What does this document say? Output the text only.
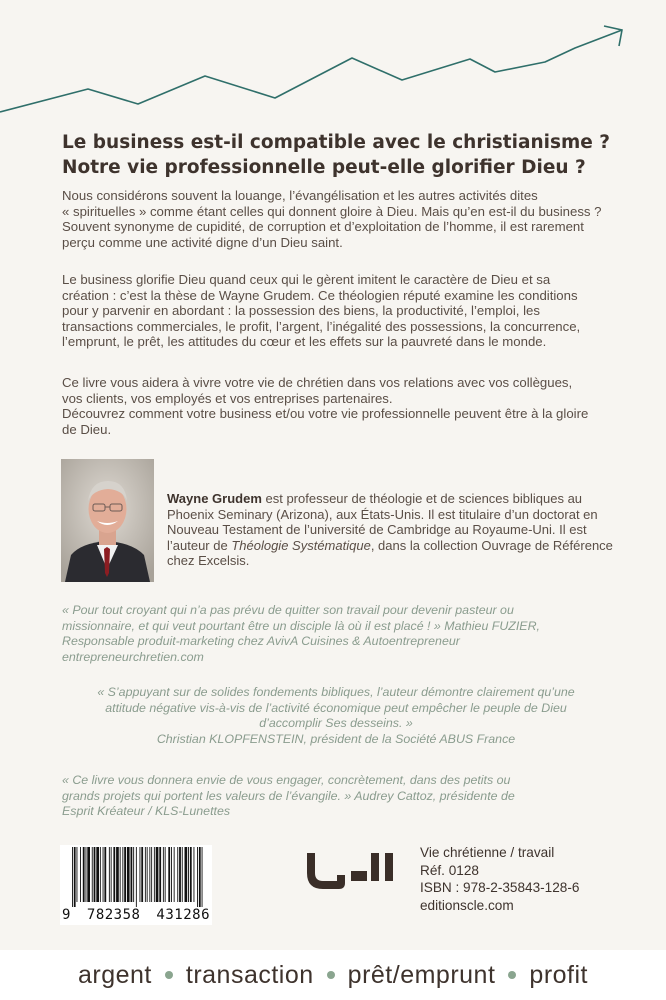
Le business est-il compatible avec le christianisme ?
Notre vie professionnelle peut-elle glorifier Dieu ?

Nous considérons souvent la louange, l’évangélisation et les autres activités dites
« spirituelles » comme étant celles qui donnent gloire à Dieu. Mais qu’en est-il du business ?
Souvent synonyme de cupidité, de corruption et d’exploitation de l’homme, il est rarement
perçu comme une activité digne d’un Dieu saint.

Le business glorifie Dieu quand ceux qui le gèrent imitent le caractère de Dieu et sa
création : c’est la thèse de Wayne Grudem. Ce théologien réputé examine les conditions
pour y parvenir en abordant : la possession des biens, la productivité, l’emploi, les
transactions commerciales, le profit, l’argent, l’inégalité des possessions, la concurrence,
l’emprunt, le prêt, les attitudes du cœur et les effets sur la pauvreté dans le monde.

Ce livre vous aidera à vivre votre vie de chrétien dans vos relations avec vos collègues,
vos clients, vos employés et vos entreprises partenaires.
Découvrez comment votre business et/ou votre vie professionnelle peuvent être à la gloire
de Dieu.

Wayne Grudem est professeur de théologie et de sciences bibliques au Phoenix Seminary (Arizona), aux États-Unis. Il est titulaire d’un doctorat en Nouveau Testament de l’université de Cambridge au Royaume-Uni. Il est l’auteur de Théologie Systématique, dans la collection Ouvrage de Référence chez Excelsis.

« Pour tout croyant qui n’a pas prévu de quitter son travail pour devenir pasteur ou
missionnaire, et qui veut pourtant être un disciple là où il est placé ! » Mathieu FUZIER,
Responsable produit-marketing chez AvivA Cuisines & Autoentrepreneur
entrepreneurchretien.com

« S’appuyant sur de solides fondements bibliques, l’auteur démontre clairement qu’une
attitude négative vis-à-vis de l’activité économique peut empêcher le peuple de Dieu
d’accomplir Ses desseins. »
Christian KLOPFENSTEIN, président de la Société ABUS France

« Ce livre vous donnera envie de vous engager, concrètement, dans des petits ou
grands projets qui portent les valeurs de l’évangile. » Audrey Cattoz, présidente de
Esprit Kréateur / KLS-Lunettes

9 782358 431286

Vie chrétienne / travail
Réf. 0128
ISBN : 978-2-35843-128-6
editionscle.com

argent transaction prêt/emprunt profit
